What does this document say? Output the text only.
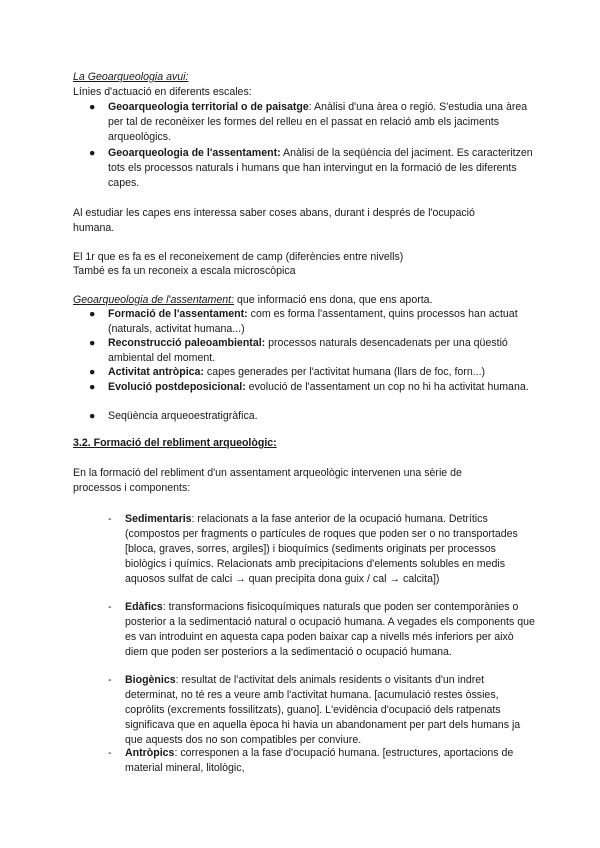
La Geoarqueologia avui:

Línies d'actuació en diferents escales:

● Geoarqueologia territorial o de paisatge: Anàlisi d'una àrea o regió. S'estudia una àrea per tal de reconèixer les formes del relleu en el passat en relació amb els jaciments arqueològics.

● Geoarqueologia de l'assentament: Anàlisi de la seqüència del jaciment. Es caracteritzen tots els processos naturals i humans que han intervingut en la formació de les diferents capes.

Al estudiar les capes ens interessa saber coses abans, durant i després de l'ocupació humana.

El 1r que es fa es el reconeixement de camp (diferències entre nivells)

També es fa un reconeix a escala microscòpica

Geoarqueologia de l'assentament: que informació ens dona, que ens aporta.

● Formació de l'assentament: com es forma l'assentament, quins processos han actuat (naturals, activitat humana...)

● Reconstrucció paleoambiental: processos naturals desencadenats per una qüestió ambiental del moment.

● Activitat antròpica: capes generades per l'activitat humana (llars de foc, forn...)

● Evolució postdeposicional: evolució de l'assentament un cop no hi ha activitat humana.

● Seqüència arqueoestratigràfica.

3.2. Formació del rebliment arqueològic:

En la formació del rebliment d'un assentament arqueològic intervenen una sèrie de processos i components:

- Sedimentaris: relacionats a la fase anterior de la ocupació humana. Detrítics (compostos per fragments o partícules de roques que poden ser o no transportades [bloca, graves, sorres, argiles]) i bioquímics (sediments originats per processos biològics i químics. Relacionats amb precipitacions d'elements solubles en medis aquosos sulfat de calci → quan precipita dona guix / cal → calcita])

- Edàfics: transformacions fisicoquímiques naturals que poden ser contemporànies o posterior a la sedimentació natural o ocupació humana. A vegades els components que es van introduint en aquesta capa poden baixar cap a nivells més inferiors per això diem que poden ser posteriors a la sedimentació o ocupació humana.

- Biogènics: resultat de l'activitat dels animals residents o visitants d'un indret determinat, no té res a veure amb l'activitat humana. [acumulació restes òssies, copròlits (excrements fossilitzats), guano]. L'evidència d'ocupació dels ratpenats significava que en aquella època hi havia un abandonament per part dels humans ja que aquests dos no son compatibles per conviure.

- Antròpics: corresponen a la fase d'ocupació humana. [estructures, aportacions de material mineral, litològic,
